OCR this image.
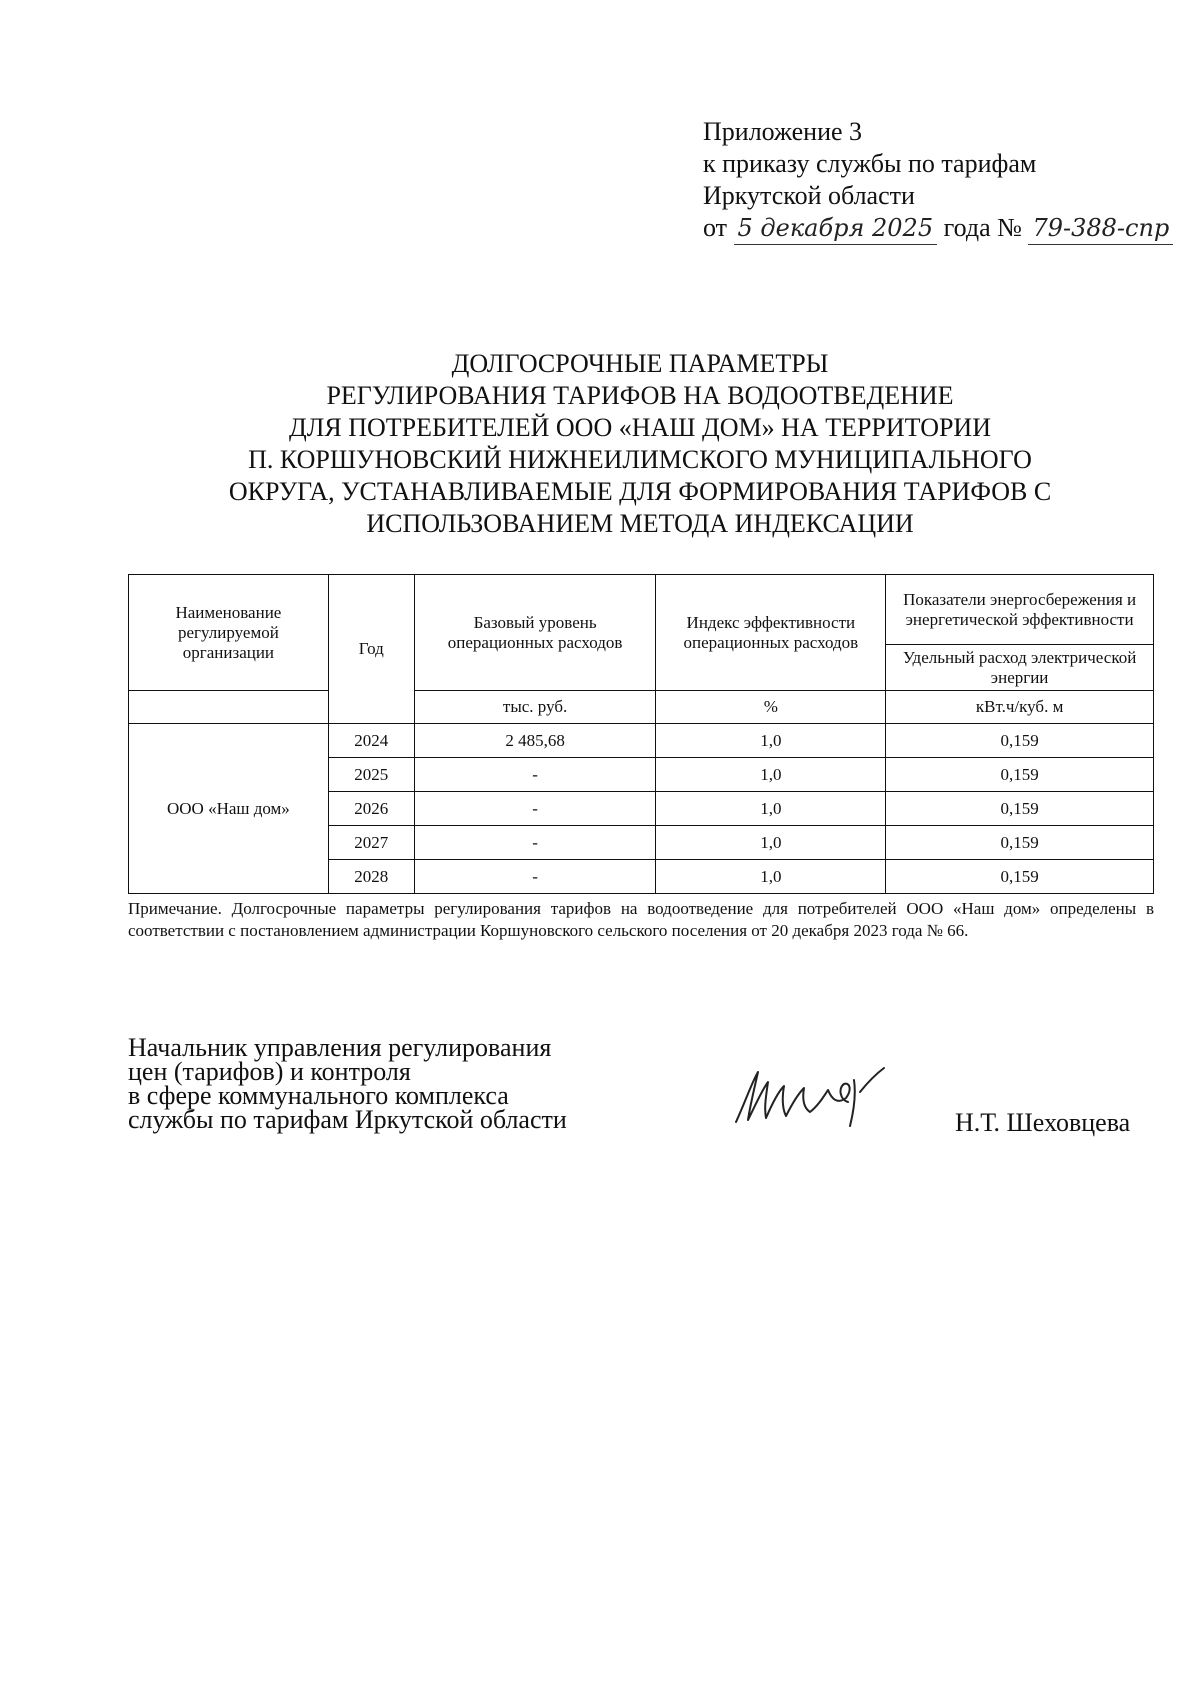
Приложение 3
к приказу службы по тарифам
Иркутской области
от 5 декабря 2025 года № 79-388-спр
ДОЛГОСРОЧНЫЕ ПАРАМЕТРЫ
РЕГУЛИРОВАНИЯ ТАРИФОВ НА ВОДООТВЕДЕНИЕ
ДЛЯ ПОТРЕБИТЕЛЕЙ ООО «НАШ ДОМ» НА ТЕРРИТОРИИ
П. КОРШУНОВСКИЙ НИЖНЕИЛИМСКОГО МУНИЦИПАЛЬНОГО
ОКРУГА, УСТАНАВЛИВАЕМЫЕ ДЛЯ ФОРМИРОВАНИЯ ТАРИФОВ С
ИСПОЛЬЗОВАНИЕМ МЕТОДА ИНДЕКСАЦИИ
Наименование регулируемой организации	Год	Базовый уровень операционных расходов	Индекс эффективности операционных расходов	Показатели энергосбережения и энергетической эффективности
				Удельный расход электрической энергии
		тыс. руб.	%	кВт.ч/куб. м
ООО «Наш дом»	2024	2 485,68	1,0	0,159
	2025	-	1,0	0,159
	2026	-	1,0	0,159
	2027	-	1,0	0,159
	2028	-	1,0	0,159
Примечание. Долгосрочные параметры регулирования тарифов на водоотведение для потребителей ООО «Наш дом» определены в соответствии с постановлением администрации Коршуновского сельского поселения от 20 декабря 2023 года № 66.
Начальник управления регулирования
цен (тарифов) и контроля
в сфере коммунального комплекса
службы по тарифам Иркутской области	Н.Т. Шеховцева
